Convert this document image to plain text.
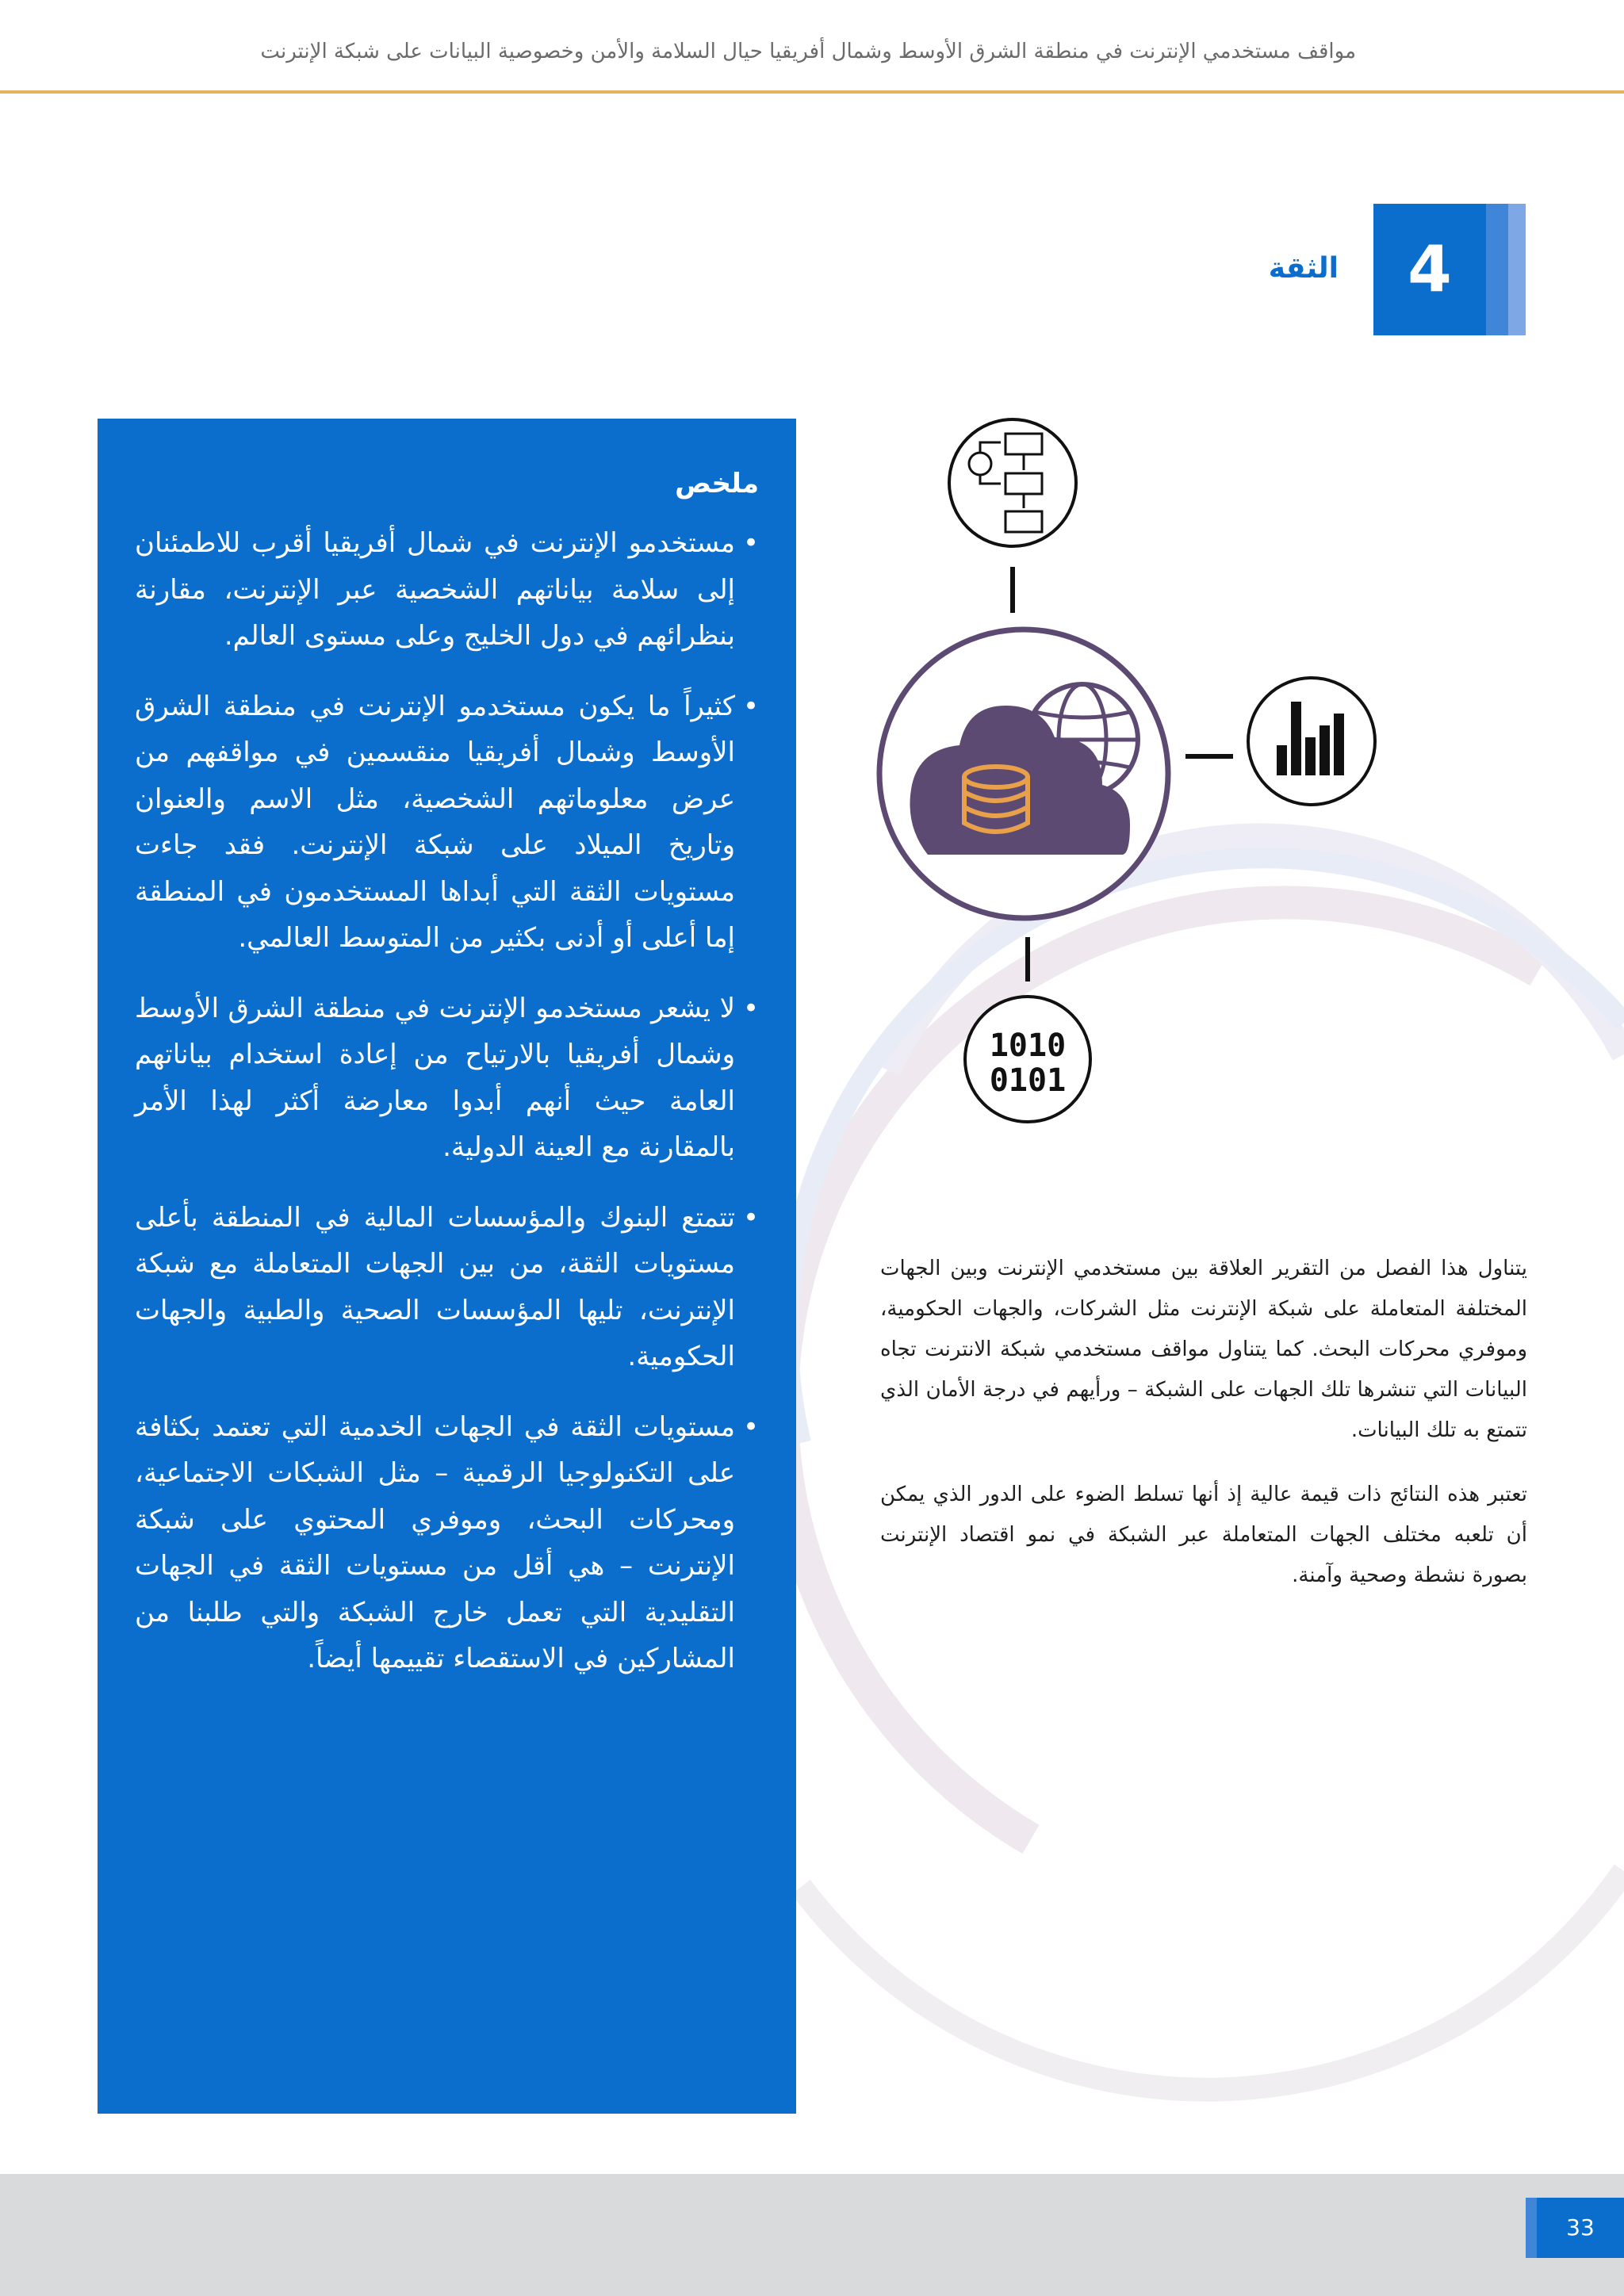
مواقف مستخدمي الإنترنت في منطقة الشرق الأوسط وشمال أفريقيا حيال السلامة والأمن وخصوصية البيانات على شبكة الإنترنت
1010
0101
4
الثقة
ملخص
•
مستخدمو الإنترنت في شمال أفريقيا أقرب للاطمئنان إلى سلامة بياناتهم الشخصية عبر الإنترنت، مقارنة بنظرائهم في دول الخليج وعلى مستوى العالم.
•
كثيراً ما يكون مستخدمو الإنترنت في منطقة الشرق الأوسط وشمال أفريقيا منقسمين في مواقفهم من عرض معلوماتهم الشخصية، مثل الاسم والعنوان وتاريخ الميلاد على شبكة الإنترنت. فقد جاءت مستويات الثقة التي أبداها المستخدمون في المنطقة إما أعلى أو أدنى بكثير من المتوسط العالمي.
•
لا يشعر مستخدمو الإنترنت في منطقة الشرق الأوسط وشمال أفريقيا بالارتياح من إعادة استخدام بياناتهم العامة حيث أنهم أبدوا معارضة أكثر لهذا الأمر بالمقارنة مع العينة الدولية.
•
تتمتع البنوك والمؤسسات المالية في المنطقة بأعلى مستويات الثقة، من بين الجهات المتعاملة مع شبكة الإنترنت، تليها المؤسسات الصحية والطبية والجهات الحكومية.
•
مستويات الثقة في الجهات الخدمية التي تعتمد بكثافة على التكنولوجيا الرقمية – مثل الشبكات الاجتماعية، ومحركات البحث، وموفري المحتوي على شبكة الإنترنت – هي أقل من مستويات الثقة في الجهات التقليدية التي تعمل خارج الشبكة والتي طلبنا من المشاركين في الاستقصاء تقييمها أيضاً.

يتناول هذا الفصل من التقرير العلاقة بين مستخدمي الإنترنت وبين الجهات المختلفة المتعاملة على شبكة الإنترنت مثل الشركات، والجهات الحكومية، وموفري محركات البحث. كما يتناول مواقف مستخدمي شبكة الانترنت تجاه البيانات التي تنشرها تلك الجهات على الشبكة – ورأيهم في درجة الأمان الذي تتمتع به تلك البيانات.

تعتبر هذه النتائج ذات قيمة عالية إذ أنها تسلط الضوء على الدور الذي يمكن أن تلعبه مختلف الجهات المتعاملة عبر الشبكة في نمو اقتصاد الإنترنت بصورة نشطة وصحية وآمنة.

33
